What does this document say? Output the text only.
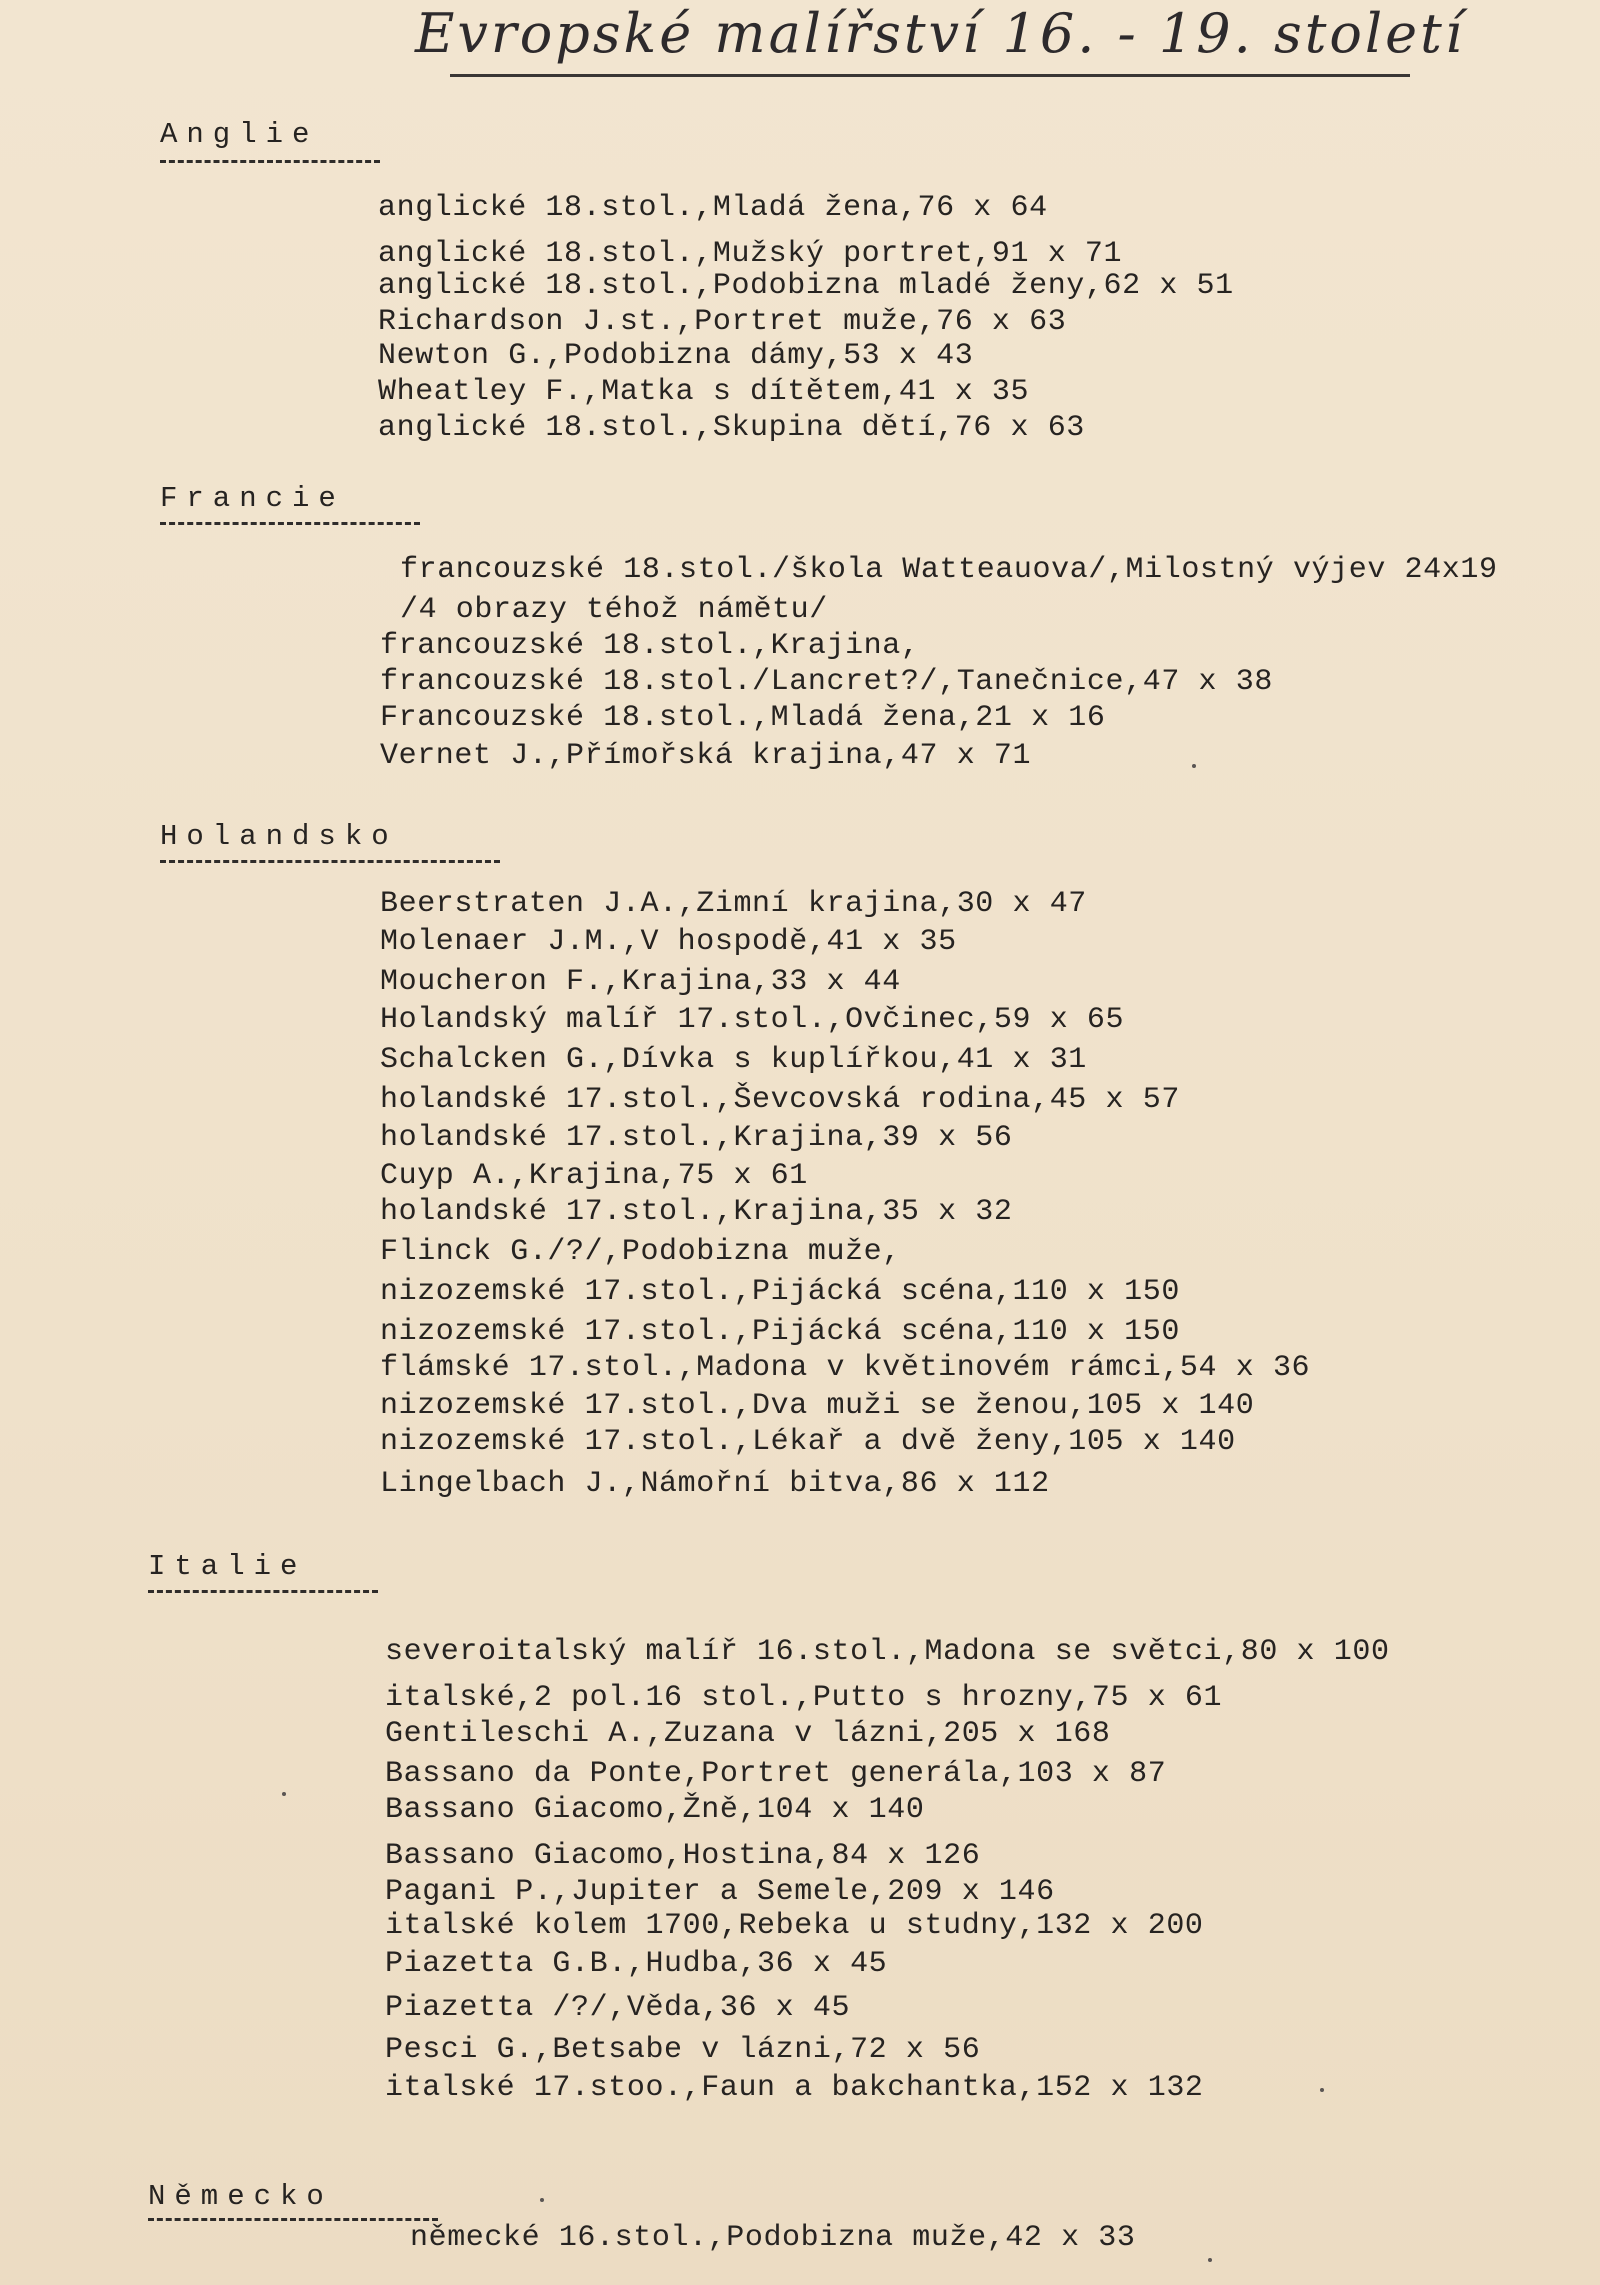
Evropské malířství 16. - 19. století
Anglie
anglické 18.stol.,Mladá žena,76 x 64
anglické 18.stol.,Mužský portret,91 x 71
anglické 18.stol.,Podobizna mladé ženy,62 x 51
Richardson J.st.,Portret muže,76 x 63
Newton G.,Podobizna dámy,53 x 43
Wheatley F.,Matka s dítětem,41 x 35
anglické 18.stol.,Skupina dětí,76 x 63
Francie
francouzské 18.stol./škola Watteauova/,Milostný výjev 24x19
/4 obrazy téhož námětu/
francouzské 18.stol.,Krajina,
francouzské 18.stol./Lancret?/,Tanečnice,47 x 38
Francouzské 18.stol.,Mladá žena,21 x 16
Vernet J.,Přímořská krajina,47 x 71
Holandsko
Beerstraten J.A.,Zimní krajina,30 x 47
Molenaer J.M.,V hospodě,41 x 35
Moucheron F.,Krajina,33 x 44
Holandský malíř 17.stol.,Ovčinec,59 x 65
Schalcken G.,Dívka s kuplířkou,41 x 31
holandské 17.stol.,Ševcovská rodina,45 x 57
holandské 17.stol.,Krajina,39 x 56
Cuyp A.,Krajina,75 x 61
holandské 17.stol.,Krajina,35 x 32
Flinck G./?/,Podobizna muže,
nizozemské 17.stol.,Pijácká scéna,110 x 150
nizozemské 17.stol.,Pijácká scéna,110 x 150
flámské 17.stol.,Madona v květinovém rámci,54 x 36
nizozemské 17.stol.,Dva muži se ženou,105 x 140
nizozemské 17.stol.,Lékař a dvě ženy,105 x 140
Lingelbach J.,Námořní bitva,86 x 112
Italie
severoitalský malíř 16.stol.,Madona se světci,80 x 100
italské,2 pol.16 stol.,Putto s hrozny,75 x 61
Gentileschi A.,Zuzana v lázni,205 x 168
Bassano da Ponte,Portret generála,103 x 87
Bassano Giacomo,Žně,104 x 140
Bassano Giacomo,Hostina,84 x 126
Pagani P.,Jupiter a Semele,209 x 146
italské kolem 1700,Rebeka u studny,132 x 200
Piazetta G.B.,Hudba,36 x 45
Piazetta /?/,Věda,36 x 45
Pesci G.,Betsabe v lázni,72 x 56
italské 17.stoo.,Faun a bakchantka,152 x 132
Německo
německé 16.stol.,Podobizna muže,42 x 33
